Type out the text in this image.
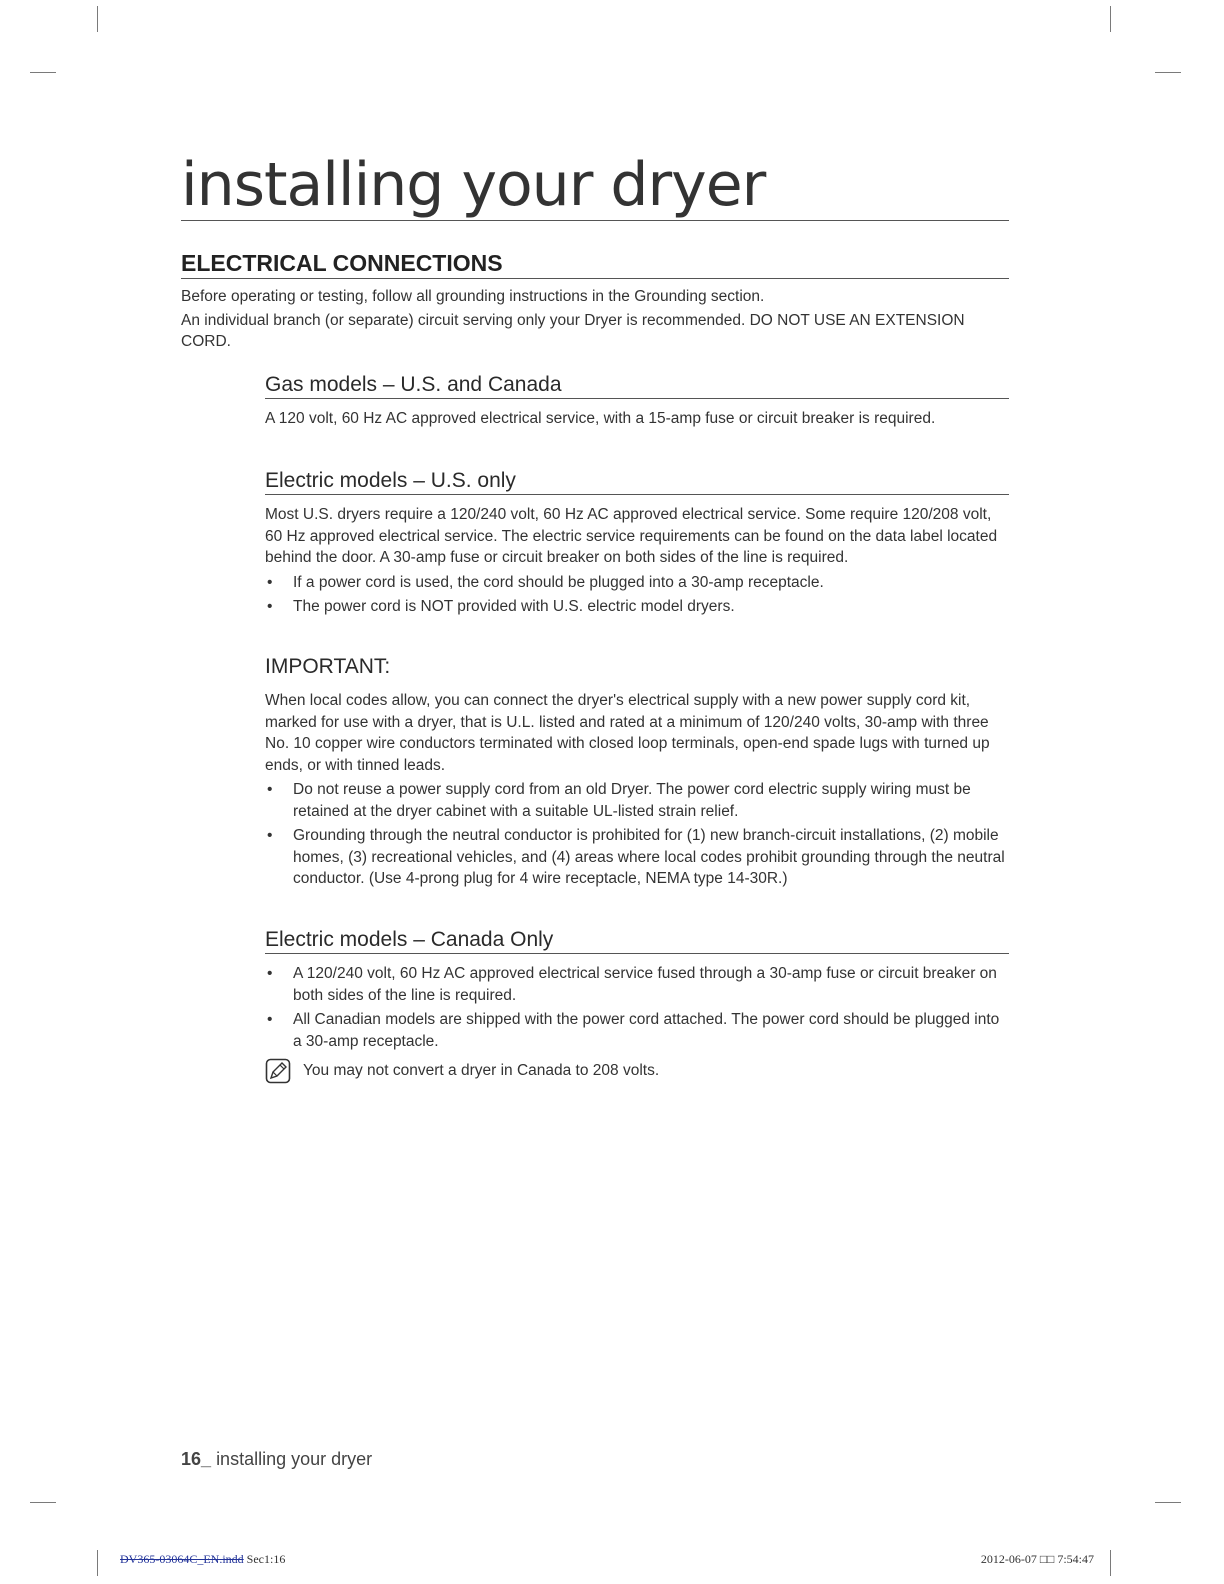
installing your dryer
ELECTRICAL CONNECTIONS

Before operating or testing, follow all grounding instructions in the Grounding section.

An individual branch (or separate) circuit serving only your Dryer is recommended. DO NOT USE AN EXTENSION CORD.

Gas models – U.S. and Canada

A 120 volt, 60 Hz AC approved electrical service, with a 15-amp fuse or circuit breaker is required.

Electric models – U.S. only

Most U.S. dryers require a 120/240 volt, 60 Hz AC approved electrical service. Some require 120/208 volt, 60 Hz approved electrical service. The electric service requirements can be found on the data label located behind the door. A 30-amp fuse or circuit breaker on both sides of the line is required.

• If a power cord is used, the cord should be plugged into a 30-amp receptacle.
• The power cord is NOT provided with U.S. electric model dryers.
IMPORTANT:

When local codes allow, you can connect the dryer's electrical supply with a new power supply cord kit, marked for use with a dryer, that is U.L. listed and rated at a minimum of 120/240 volts, 30-amp with three No. 10 copper wire conductors terminated with closed loop terminals, open-end spade lugs with turned up ends, or with tinned leads.

• Do not reuse a power supply cord from an old Dryer. The power cord electric supply wiring must be retained at the dryer cabinet with a suitable UL-listed strain relief.
• Grounding through the neutral conductor is prohibited for (1) new branch-circuit installations, (2) mobile homes, (3) recreational vehicles, and (4) areas where local codes prohibit grounding through the neutral conductor. (Use 4-prong plug for 4 wire receptacle, NEMA type 14-30R.)
Electric models – Canada Only
• A 120/240 volt, 60 Hz AC approved electrical service fused through a 30-amp fuse or circuit breaker on both sides of the line is required.
• All Canadian models are shipped with the power cord attached. The power cord should be plugged into a 30-amp receptacle.
You may not convert a dryer in Canada to 208 volts.
16_ installing your dryer
DV365-03064C_EN.indd Sec1:16	2012-06-07 □□ 7:54:47
